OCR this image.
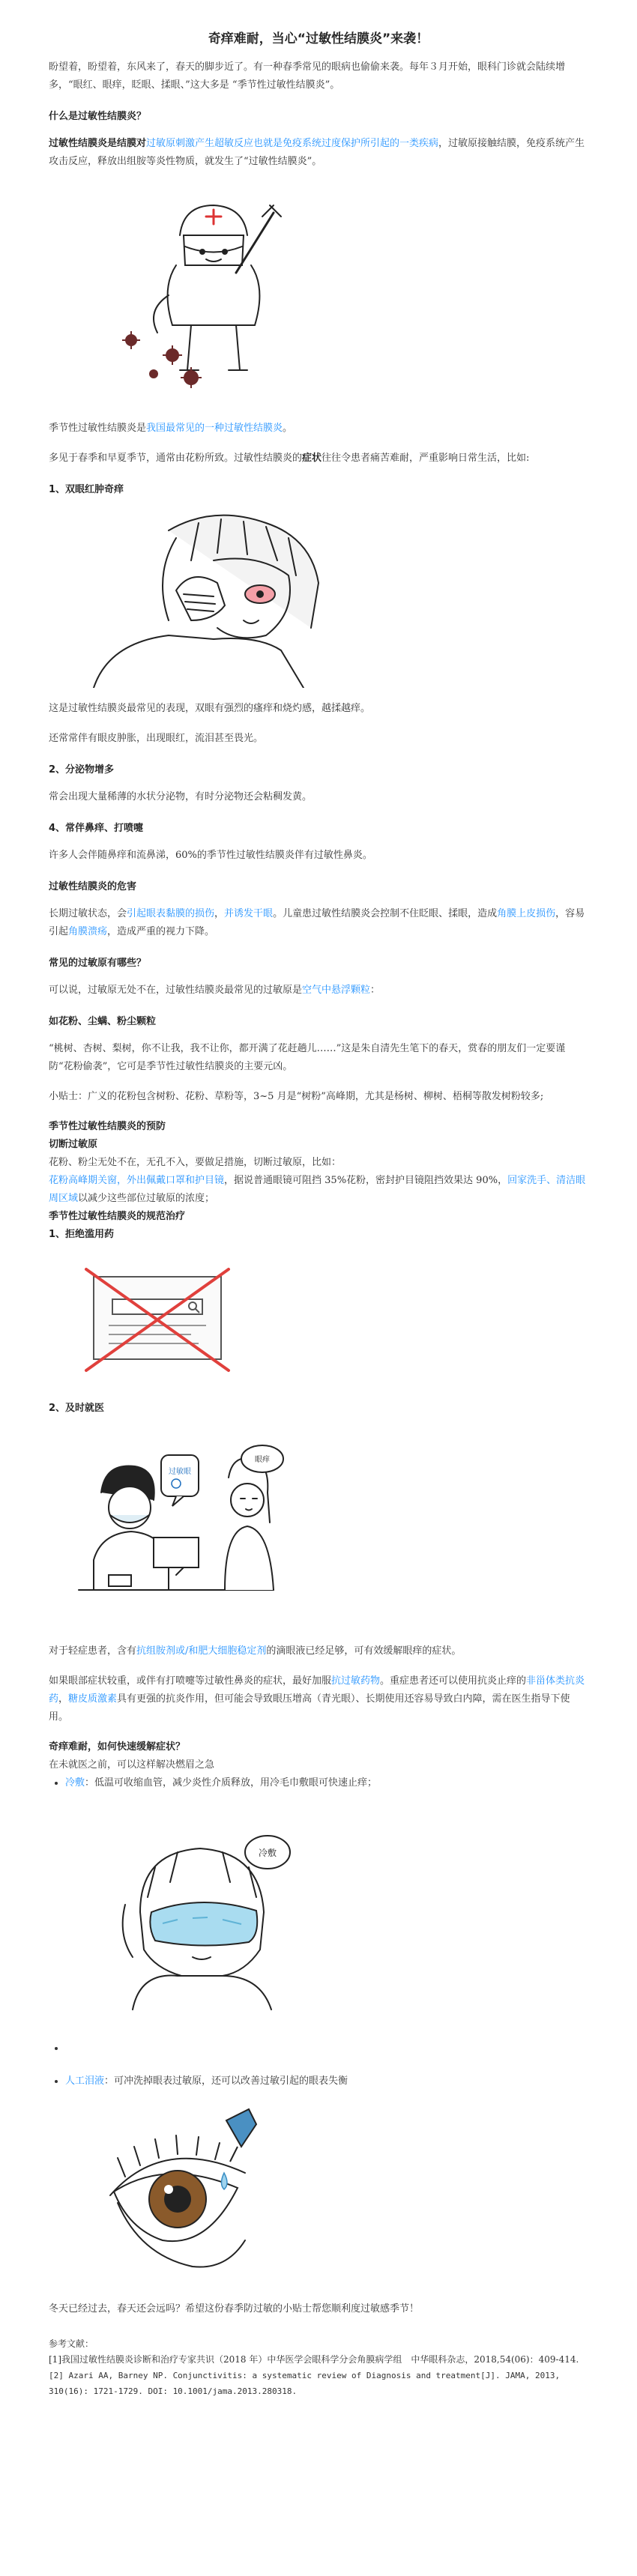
奇痒难耐，当心“过敏性结膜炎”来袭！

盼望着，盼望着，东风来了，春天的脚步近了。有一种春季常见的眼病也偷偷来袭。每年３月开始，眼科门诊就会陆续增多，“眼红、眼痒，眨眼、揉眼、”这大多是 “季节性过敏性结膜炎”。

什么是过敏性结膜炎？

过敏性结膜炎是结膜对过敏原刺激产生超敏反应也就是免疫系统过度保护所引起的一类疾病，过敏原接触结膜，免疫系统产生攻击反应，释放出组胺等炎性物质，就发生了“过敏性结膜炎”。

季节性过敏性结膜炎是我国最常见的一种过敏性结膜炎。

多见于春季和早夏季节，通常由花粉所致。过敏性结膜炎的症状往往令患者痛苦难耐，严重影响日常生活，比如:

1、双眼红肿奇痒

这是过敏性结膜炎最常见的表现，双眼有强烈的瘙痒和烧灼感，越揉越痒。

还常常伴有眼皮肿胀，出现眼红，流泪甚至畏光。

2、分泌物增多

常会出现大量稀薄的水状分泌物，有时分泌物还会粘稠发黄。

4、常伴鼻痒、打喷嚏

许多人会伴随鼻痒和流鼻涕，60%的季节性过敏性结膜炎伴有过敏性鼻炎。

过敏性结膜炎的危害

长期过敏状态，会引起眼表黏膜的损伤，并诱发干眼。儿童患过敏性结膜炎会控制不住眨眼、揉眼，造成角膜上皮损伤，容易引起角膜溃疡，造成严重的视力下降。

常见的过敏原有哪些？

可以说，过敏原无处不在，过敏性结膜炎最常见的过敏原是空气中悬浮颗粒：

如花粉、尘螨、粉尘颗粒

“桃树、杏树、梨树，你不让我，我不让你，都开满了花赶趟儿……”这是朱自清先生笔下的春天，赏春的朋友们一定要谨防“花粉偷袭”，它可是季节性过敏性结膜炎的主要元凶。

小贴士：广义的花粉包含树粉、花粉、草粉等，3~5 月是“树粉”高峰期，尤其是杨树、柳树、梧桐等散发树粉较多;

季节性过敏性结膜炎的预防
切断过敏原

花粉、粉尘无处不在，无孔不入，要做足措施，切断过敏原，比如：

花粉高峰期关窗，外出佩戴口罩和护目镜，据说普通眼镜可阻挡 35%花粉，密封护目镜阻挡效果达 90%，回家洗手、清洁眼周区域以减少这些部位过敏原的浓度；

季节性过敏性结膜炎的规范治疗
1、拒绝滥用药
2、及时就医
过敏眼
眼痒

对于轻症患者，含有抗组胺剂或/和肥大细胞稳定剂的滴眼液已经足够，可有效缓解眼痒的症状。

如果眼部症状较重，或伴有打喷嚏等过敏性鼻炎的症状，最好加服抗过敏药物。重症患者还可以使用抗炎止痒的非甾体类抗炎药，糖皮质激素具有更强的抗炎作用，但可能会导致眼压增高（青光眼）、长期使用还容易导致白内障，需在医生指导下使用。

奇痒难耐，如何快速缓解症状？

在未就医之前，可以这样解决燃眉之急

• 冷敷：低温可收缩血管，减少炎性介质释放，用冷毛巾敷眼可快速止痒；
冷敷
•
• 人工泪液：可冲洗掉眼表过敏原，还可以改善过敏引起的眼表失衡

冬天已经过去，春天还会远吗？希望这份春季防过敏的小贴士帮您顺利度过敏感季节！

参考文献：

[1]我国过敏性结膜炎诊断和治疗专家共识（2018 年）中华医学会眼科学分会角膜病学组　中华眼科杂志，2018,54(06)：409-414.

[2] Azari AA, Barney NP. Conjunctivitis: a systematic review of Diagnosis and treatment[J]. JAMA, 2013, 310(16): 1721-1729. DOI: 10.1001/jama.2013.280318.
